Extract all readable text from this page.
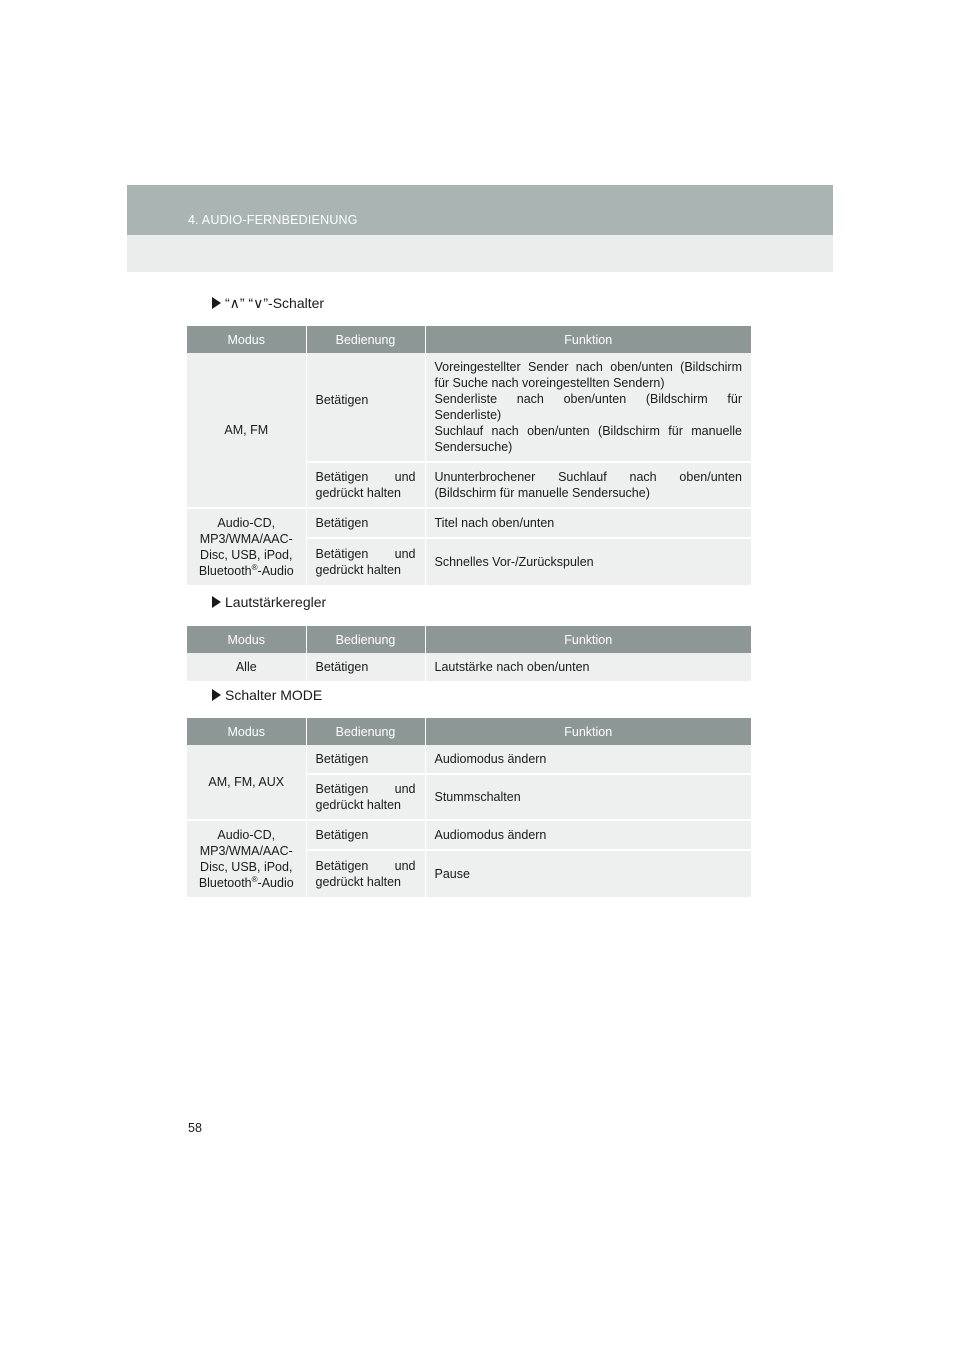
4. AUDIO-FERNBEDIENUNG
“∧” “∨”-Schalter
Modus	Bedienung	Funktion
AM, FM	Betätigen	Voreingestellter Sender nach oben/unten (Bildschirm für Suche nach voreingestellten Sendern)
Senderliste nach oben/unten (Bildschirm für Senderliste)
Suchlauf nach oben/unten (Bildschirm für manuelle Sendersuche)

	Betätigen und gedrückt halten	Ununterbrochener Suchlauf nach oben/unten (Bildschirm für manuelle Sendersuche)
Audio-CD, MP3/WMA/AAC-Disc, USB, iPod, Bluetooth®-Audio	Betätigen	Titel nach oben/unten
	Betätigen und gedrückt halten	Schnelles Vor-/Zurückspulen
Lautstärkeregler
Modus	Bedienung	Funktion
Alle	Betätigen	Lautstärke nach oben/unten
Schalter MODE
Modus	Bedienung	Funktion
AM, FM, AUX	Betätigen	Audiomodus ändern
	Betätigen und gedrückt halten	Stummschalten
Audio-CD, MP3/WMA/AAC-Disc, USB, iPod, Bluetooth®-Audio	Betätigen	Audiomodus ändern
	Betätigen und gedrückt halten	Pause
58
